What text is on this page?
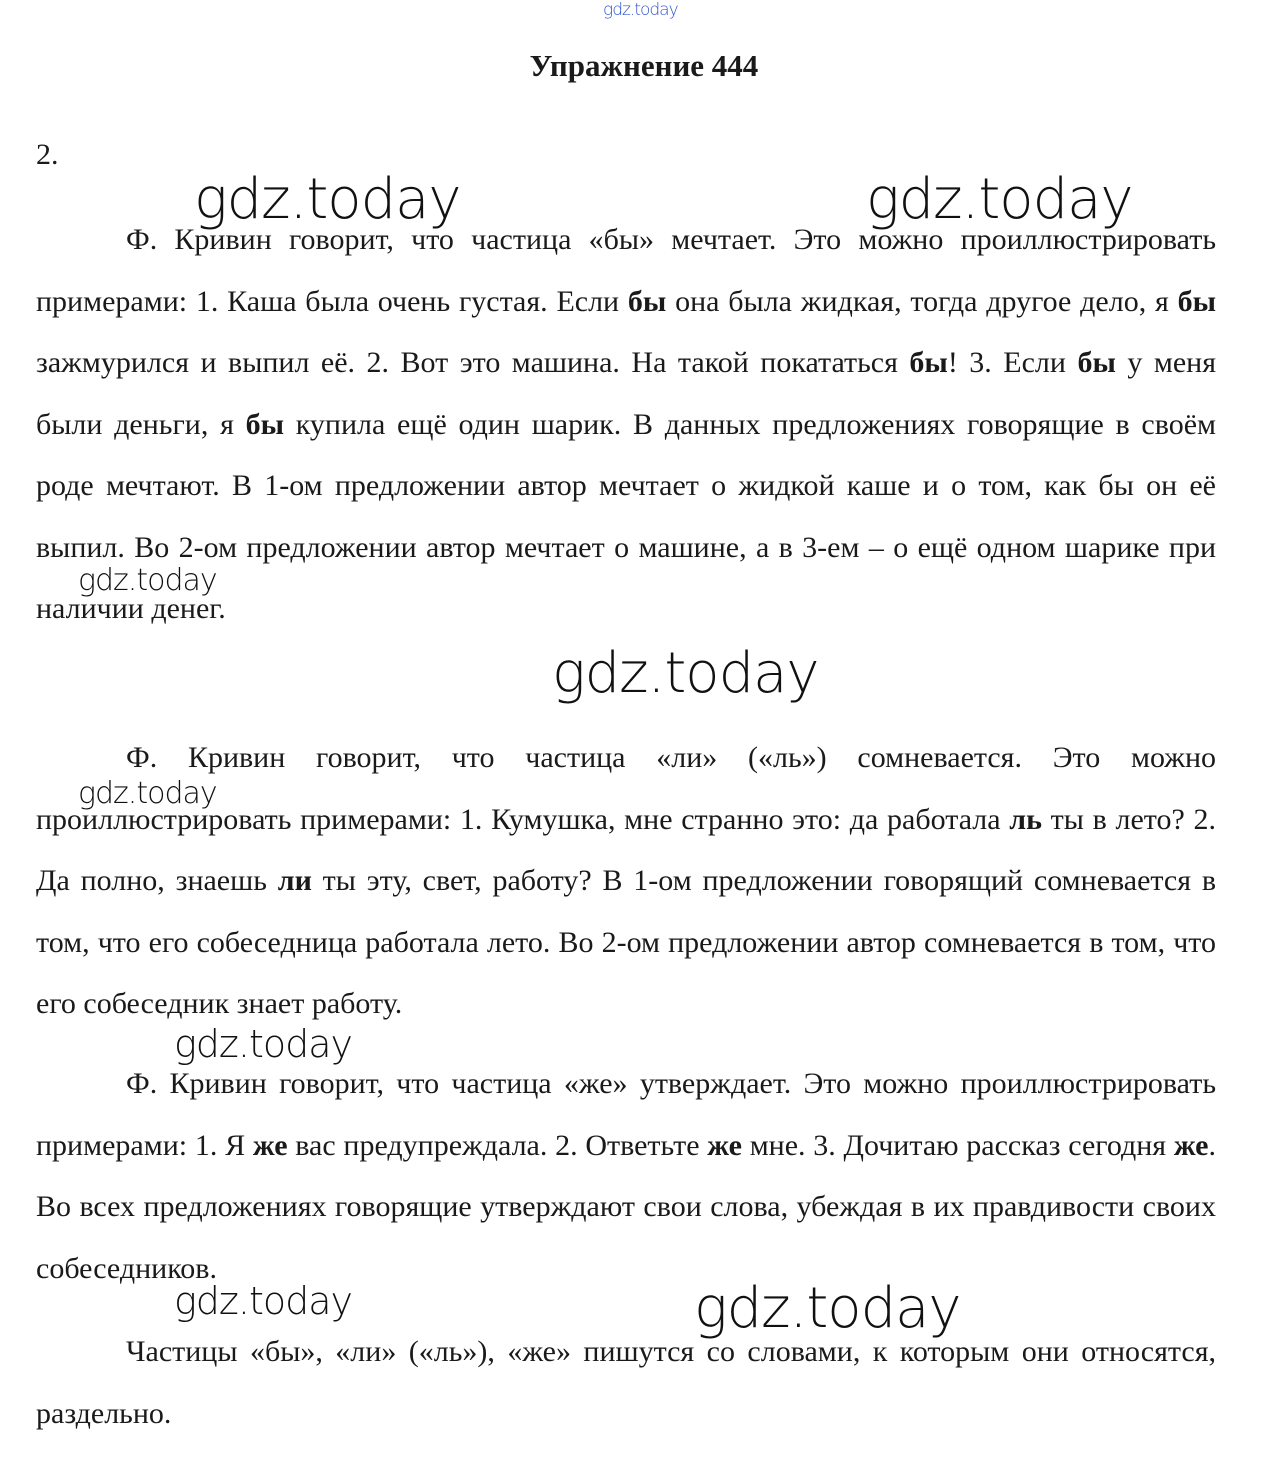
gdz.today
Упражнение 444
2.

Ф. Кривин говорит, что частица «бы» мечтает. Это можно проиллюстрировать примерами: 1. Каша была очень густая. Если бы она была жидкая, тогда другое дело, я бы зажмурился и выпил её. 2. Вот это машина. На такой покататься бы! 3. Если бы у меня были деньги, я бы купила ещё один шарик. В данных предложениях говорящие в своём роде мечтают. В 1-ом предложении автор мечтает о жидкой каше и о том, как бы он её выпил. Во 2-ом предложении автор мечтает о машине, а в 3-ем – о ещё одном шарике при наличии денег.

Ф. Кривин говорит, что частица «ли» («ль») сомневается. Это можно проиллюстрировать примерами: 1. Кумушка, мне странно это: да работала ль ты в лето? 2. Да полно, знаешь ли ты эту, свет, работу? В 1-ом предложении говорящий сомневается в том, что его собеседница работала лето. Во 2-ом предложении автор сомневается в том, что его собеседник знает работу.

Ф. Кривин говорит, что частица «же» утверждает. Это можно проиллюстрировать примерами: 1. Я же вас предупреждала. 2. Ответьте же мне. 3. Дочитаю рассказ сегодня же. Во всех предложениях говорящие утверждают свои слова, убеждая в их правдивости своих собеседников.

Частицы «бы», «ли» («ль»), «же» пишутся со словами, к которым они относятся, раздельно.

gdz.today	gdz.today
gdz.today
gdz.today
gdz.today
gdz.today
gdz.today	gdz.today
